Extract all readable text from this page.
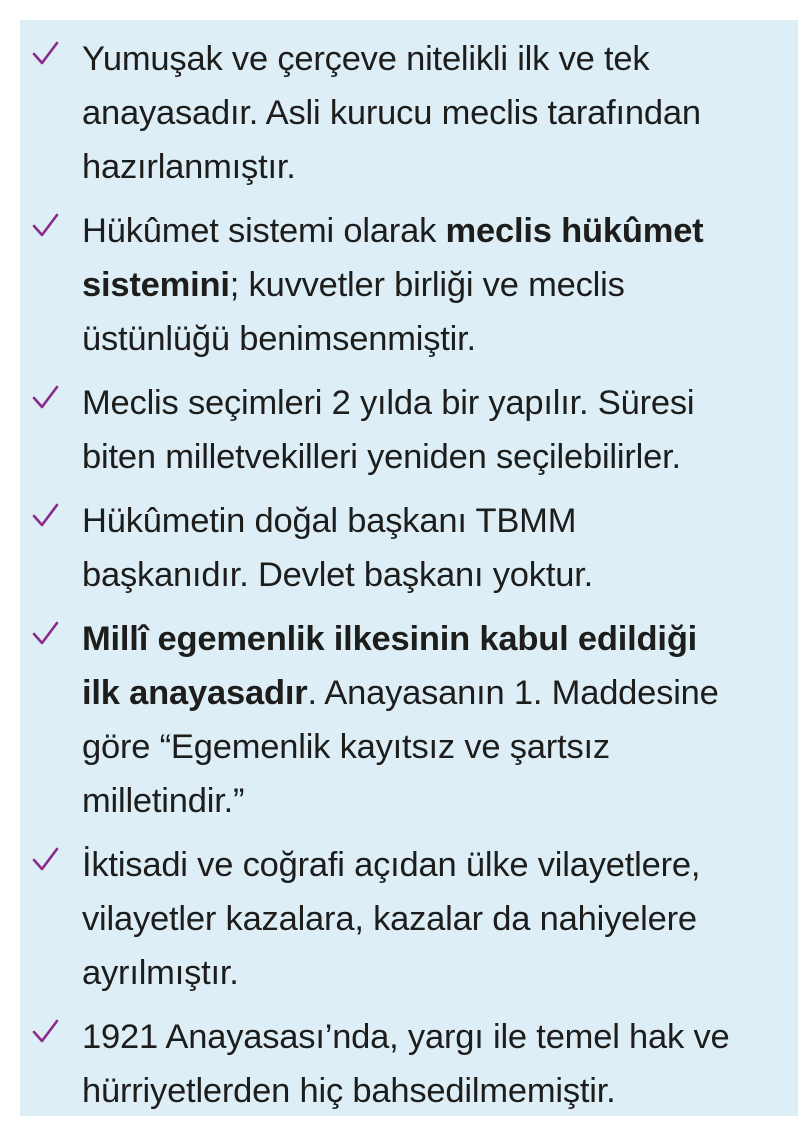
Yumuşak ve çerçeve nitelikli ilk ve tek
anayasadır. Asli kurucu meclis tarafından
hazırlanmıştır.
Hükûmet sistemi olarak meclis hükûmet
sistemini; kuvvetler birliği ve meclis
üstünlüğü benimsenmiştir.
Meclis seçimleri 2 yılda bir yapılır. Süresi
biten milletvekilleri yeniden seçilebilirler.
Hükûmetin doğal başkanı TBMM
başkanıdır. Devlet başkanı yoktur.
Millî egemenlik ilkesinin kabul edildiği
ilk anayasadır. Anayasanın 1. Maddesine
göre “Egemenlik kayıtsız ve şartsız
milletindir.”
İktisadi ve coğrafi açıdan ülke vilayetlere,
vilayetler kazalara, kazalar da nahiyelere
ayrılmıştır.
1921 Anayasası’nda, yargı ile temel hak ve
hürriyetlerden hiç bahsedilmemiştir.
